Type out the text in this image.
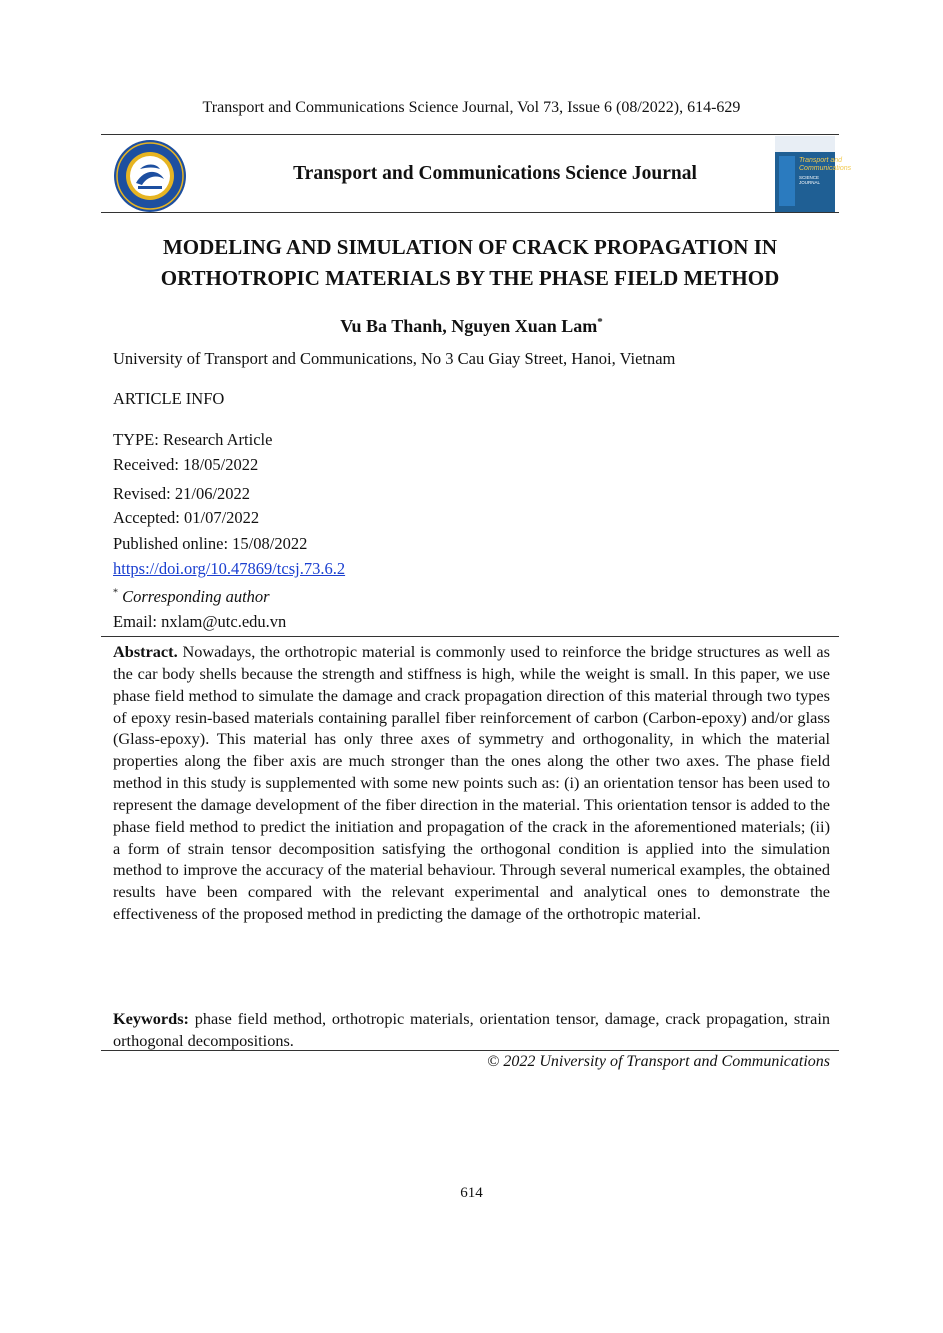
Transport and Communications Science Journal, Vol 73, Issue 6 (08/2022), 614-629
Transport and Communications Science Journal
Transport and Communications
SCIENCE JOURNAL
MODELING AND SIMULATION OF CRACK PROPAGATION IN
ORTHOTROPIC MATERIALS BY THE PHASE FIELD METHOD
Vu Ba Thanh, Nguyen Xuan Lam*
University of Transport and Communications, No 3 Cau Giay Street, Hanoi, Vietnam
ARTICLE INFO
TYPE: Research Article
Received: 18/05/2022
Revised: 21/06/2022
Accepted: 01/07/2022
Published online: 15/08/2022
https://doi.org/10.47869/tcsj.73.6.2
* Corresponding author
Email: nxlam@utc.edu.vn
Abstract. Nowadays, the orthotropic material is commonly used to reinforce the bridge structures as well as the car body shells because the strength and stiffness is high, while the weight is small. In this paper, we use phase field method to simulate the damage and crack propagation direction of this material through two types of epoxy resin-based materials containing parallel fiber reinforcement of carbon (Carbon-epoxy) and/or glass (Glass-epoxy). This material has only three axes of symmetry and orthogonality, in which the material properties along the fiber axis are much stronger than the ones along the other two axes. The phase field method in this study is supplemented with some new points such as: (i) an orientation tensor has been used to represent the damage development of the fiber direction in the material. This orientation tensor is added to the phase field method to predict the initiation and propagation of the crack in the aforementioned materials; (ii) a form of strain tensor decomposition satisfying the orthogonal condition is applied into the simulation method to improve the accuracy of the material behaviour. Through several numerical examples, the obtained results have been compared with the relevant experimental and analytical ones to demonstrate the effectiveness of the proposed method in predicting the damage of the orthotropic material.
Keywords: phase field method, orthotropic materials, orientation tensor, damage, crack propagation, strain orthogonal decompositions.
© 2022 University of Transport and Communications
614
